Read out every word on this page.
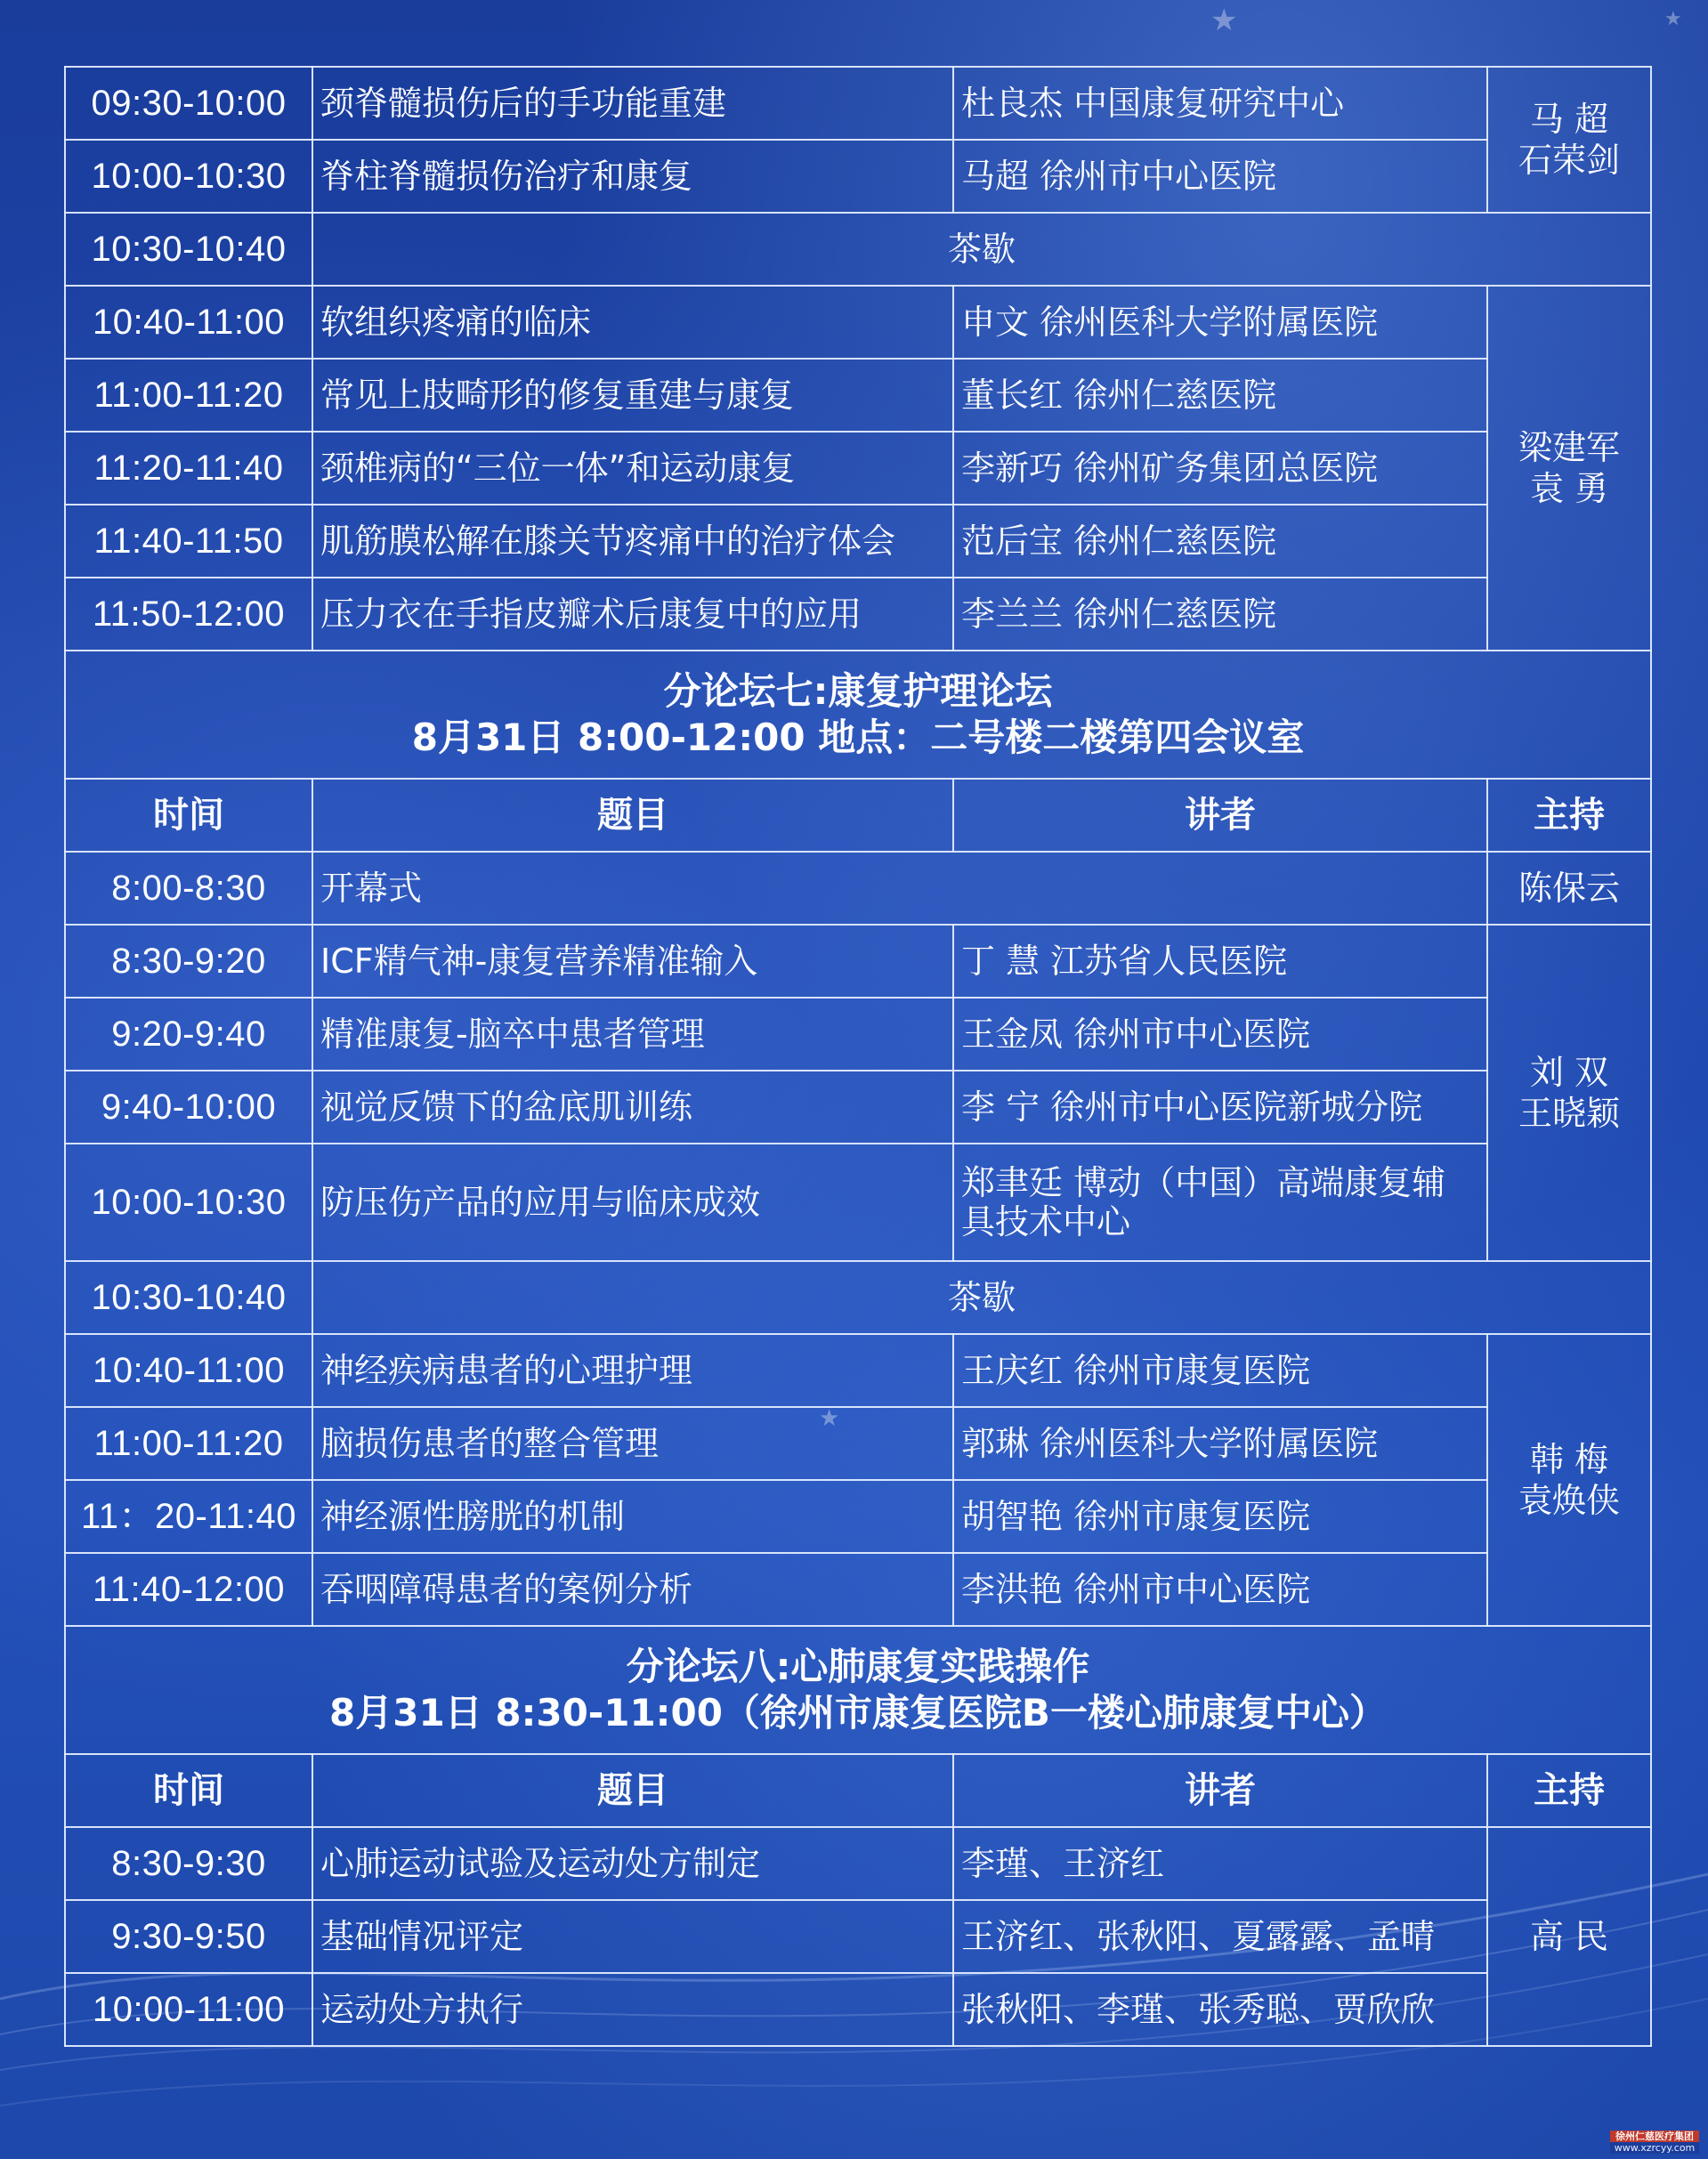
★	★
★
09:30-10:00	颈脊髓损伤后的手功能重建	杜良杰 中国康复研究中心	马 超
石荣剑

10:00-10:30	脊柱脊髓损伤治疗和康复	马超 徐州市中心医院	
10:30-10:40	茶歇		
10:40-11:00	软组织疼痛的临床	申文 徐州医科大学附属医院	梁建军
袁 勇

11:00-11:20	常见上肢畸形的修复重建与康复	董长红 徐州仁慈医院	
11:20-11:40	颈椎病的“三位一体”和运动康复	李新巧 徐州矿务集团总医院	
11:40-11:50	肌筋膜松解在膝关节疼痛中的治疗体会	范后宝 徐州仁慈医院	
11:50-12:00	压力衣在手指皮瓣术后康复中的应用	李兰兰 徐州仁慈医院	

分论坛七:康复护理论坛
8月31日 8:00-12:00 地点：二号楼二楼第四会议室			

时间	题目	讲者	主持
8:00-8:30	开幕式		陈保云
8:30-9:20	ICF精气神-康复营养精准输入	丁 慧 江苏省人民医院	刘 双
王晓颖

9:20-9:40	精准康复-脑卒中患者管理	王金凤 徐州市中心医院	
9:40-10:00	视觉反馈下的盆底肌训练	李 宁 徐州市中心医院新城分院	
10:00-10:30	防压伤产品的应用与临床成效	郑聿廷 博动（中国）高端康复辅具技术中心	
10:30-10:40	茶歇		
10:40-11:00	神经疾病患者的心理护理	王庆红 徐州市康复医院	韩 梅
袁焕侠

11:00-11:20	脑损伤患者的整合管理	郭琳 徐州医科大学附属医院	
11：20-11:40	神经源性膀胱的机制	胡智艳 徐州市康复医院	
11:40-12:00	吞咽障碍患者的案例分析	李洪艳 徐州市中心医院	

分论坛八:心肺康复实践操作
8月31日 8:30-11:00（徐州市康复医院B一楼心肺康复中心）			

时间	题目	讲者	主持
8:30-9:30	心肺运动试验及运动处方制定	李瑾、王济红	高 民
9:30-9:50	基础情况评定	王济红、张秋阳、夏露露、孟晴	
10:00-11:00	运动处方执行	张秋阳、李瑾、张秀聪、贾欣欣	
徐州仁慈医疗集团
www.xzrcyy.com
